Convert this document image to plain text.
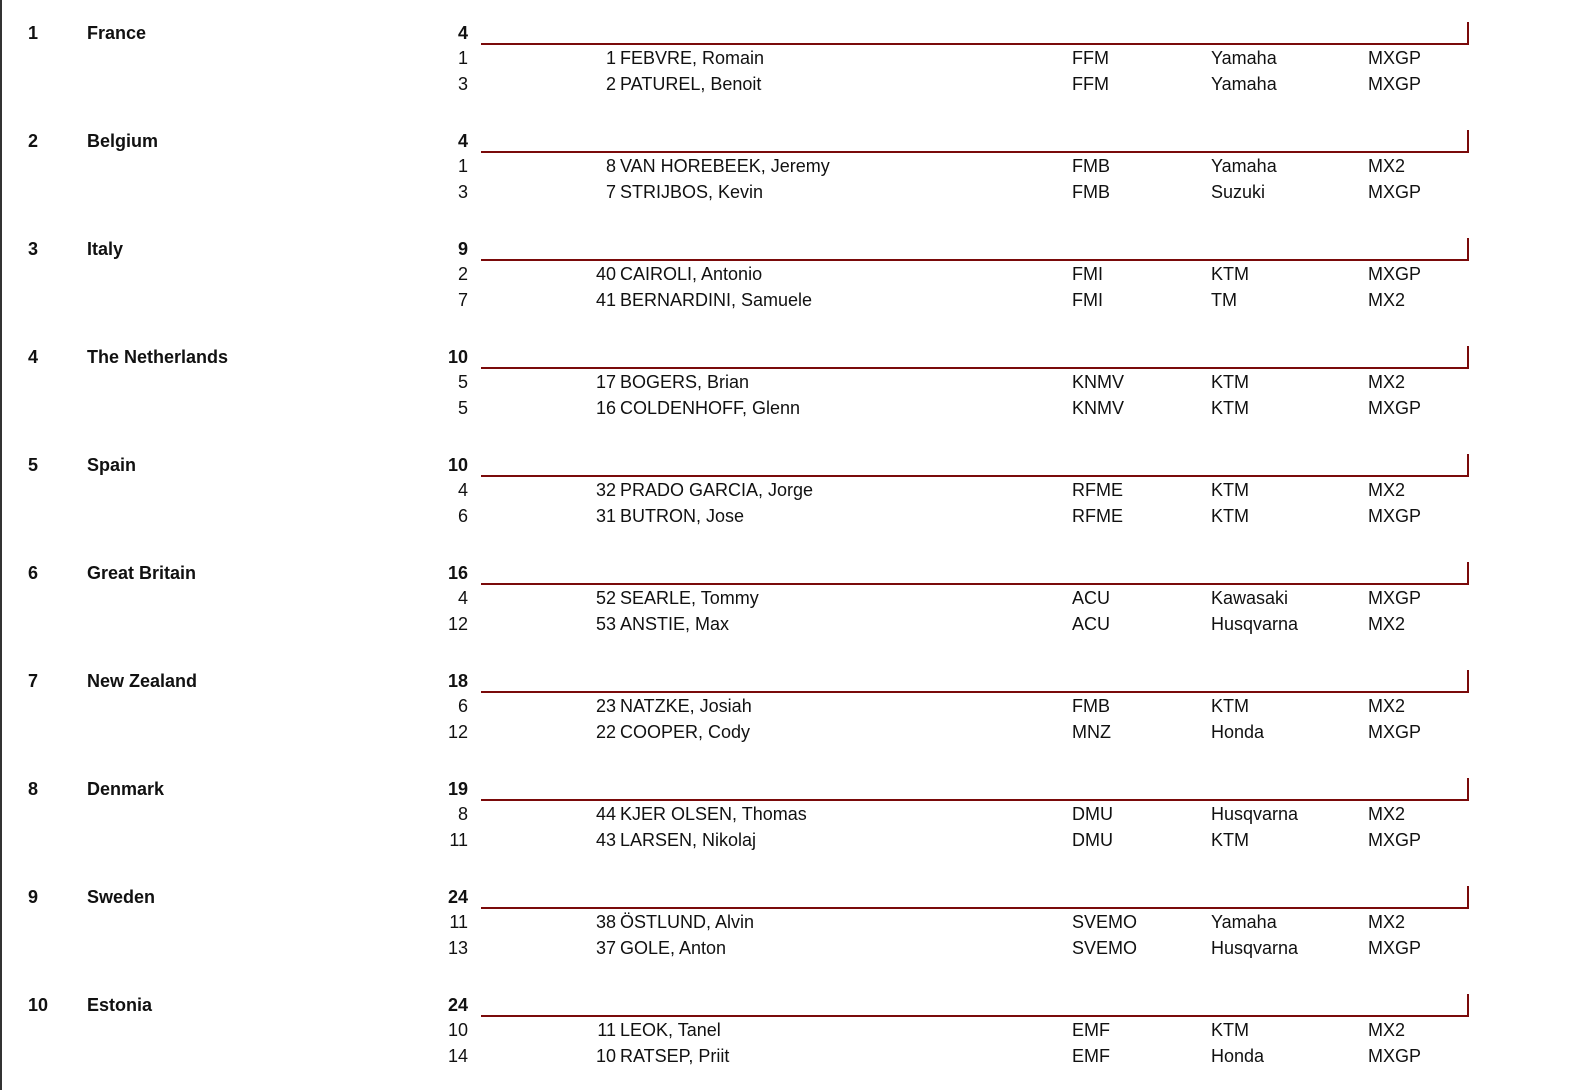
1	France	4
1	1 FEBVRE, Romain	FFM	Yamaha	MXGP
3	2 PATUREL, Benoit	FFM	Yamaha	MXGP
2	Belgium	4
1	8 VAN HOREBEEK, Jeremy	FMB	Yamaha	MX2
3	7 STRIJBOS, Kevin	FMB	Suzuki	MXGP
3	Italy	9
2	40 CAIROLI, Antonio	FMI	KTM	MXGP
7	41 BERNARDINI, Samuele	FMI	TM	MX2
4	The Netherlands	10
5	17 BOGERS, Brian	KNMV	KTM	MX2
5	16 COLDENHOFF, Glenn	KNMV	KTM	MXGP
5	Spain	10
4	32 PRADO GARCIA, Jorge	RFME	KTM	MX2
6	31 BUTRON, Jose	RFME	KTM	MXGP
6	Great Britain	16
4	52 SEARLE, Tommy	ACU	Kawasaki	MXGP
12	53 ANSTIE, Max	ACU	Husqvarna	MX2
7	New Zealand	18
6	23 NATZKE, Josiah	FMB	KTM	MX2
12	22 COOPER, Cody	MNZ	Honda	MXGP
8	Denmark	19
8	44 KJER OLSEN, Thomas	DMU	Husqvarna	MX2
11	43 LARSEN, Nikolaj	DMU	KTM	MXGP
9	Sweden	24
11	38 ÖSTLUND, Alvin	SVEMO	Yamaha	MX2
13	37 GOLE, Anton	SVEMO	Husqvarna	MXGP
10 Estonia	24
10	11 LEOK, Tanel	EMF	KTM	MX2
14	10 RATSEP, Priit	EMF	Honda	MXGP
